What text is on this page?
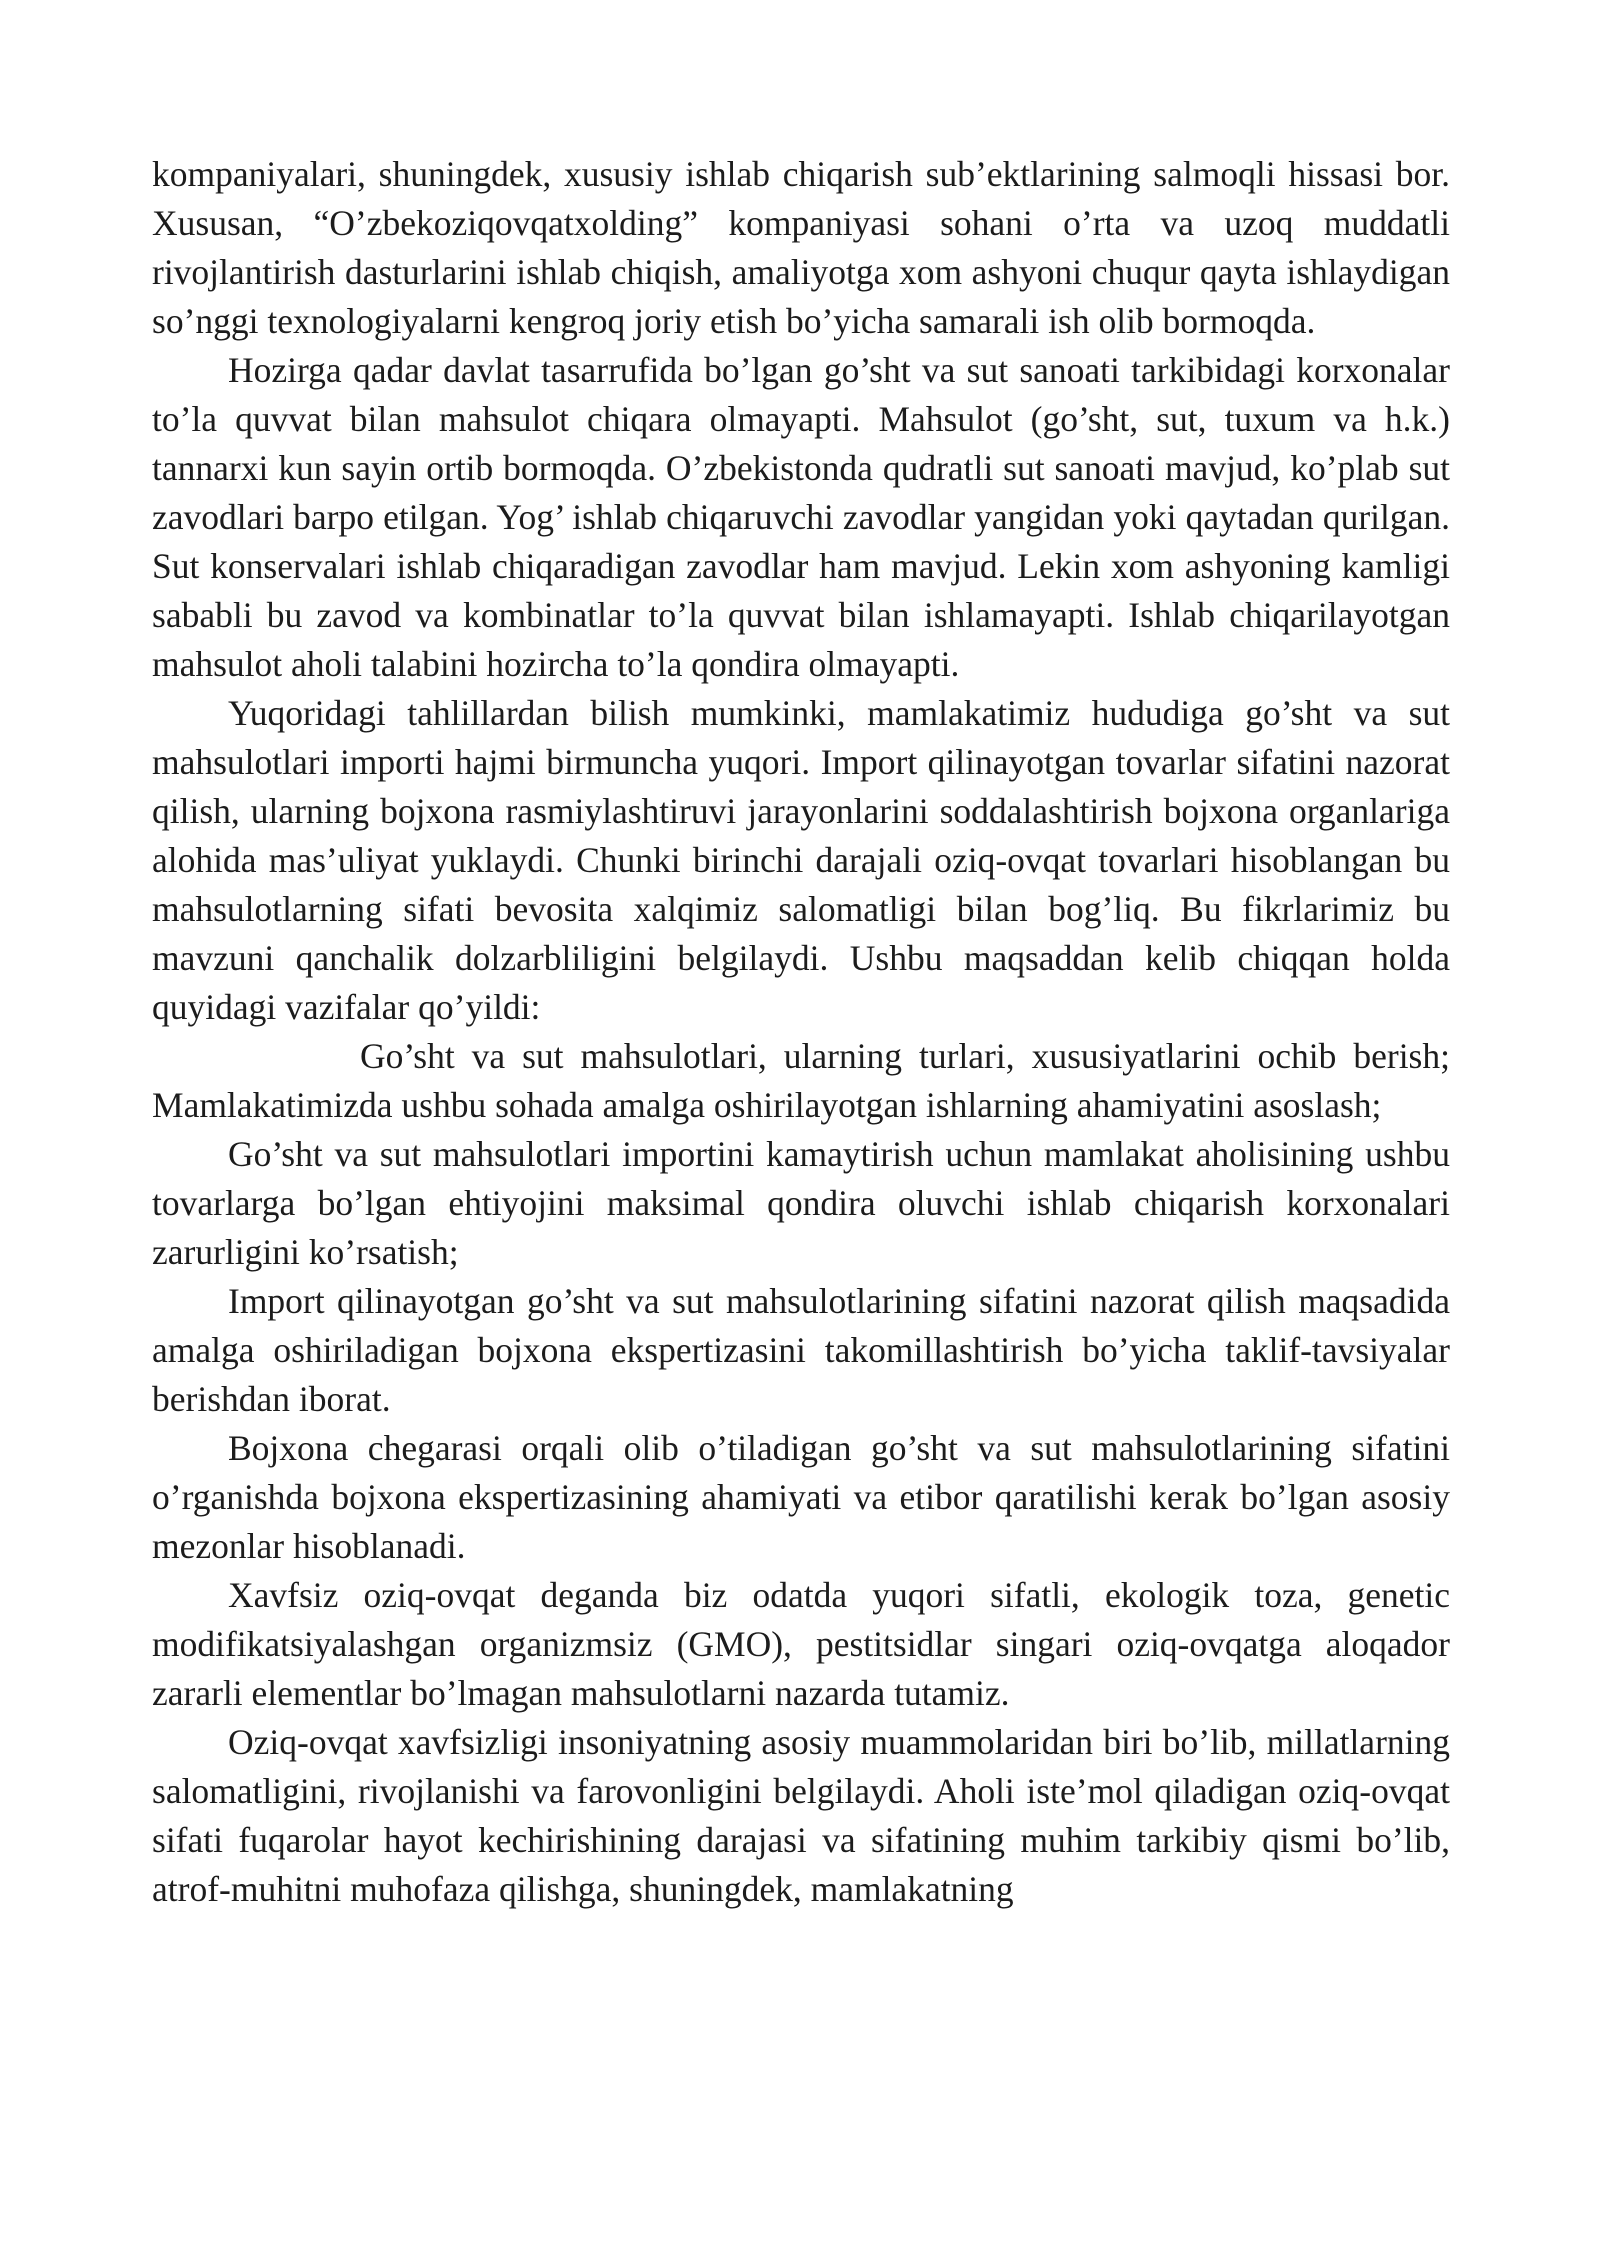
kompaniyalari, shuningdek, xususiy ishlab chiqarish sub’ektlarining salmoqli hissasi bor. Xususan, “O’zbekoziqovqatxolding” kompaniyasi sohani o’rta va uzoq muddatli rivojlantirish dasturlarini ishlab chiqish, amaliyotga xom ashyoni chuqur qayta ishlaydigan so’nggi texnologiyalarni kengroq joriy etish bo’yicha samarali ish olib bormoqda.

Hozirga qadar davlat tasarrufida bo’lgan go’sht va sut sanoati tarkibidagi korxonalar to’la quvvat bilan mahsulot chiqara olmayapti. Mahsulot (go’sht, sut, tuxum va h.k.) tannarxi kun sayin ortib bormoqda. O’zbekistonda qudratli sut sanoati mavjud, ko’plab sut zavodlari barpo etilgan. Yog’ ishlab chiqaruvchi zavodlar yangidan yoki qaytadan qurilgan. Sut konservalari ishlab chiqaradigan zavodlar ham mavjud. Lekin xom ashyoning kamligi sababli bu zavod va kombinatlar to’la quvvat bilan ishlamayapti. Ishlab chiqarilayotgan mahsulot aholi talabini hozircha to’la qondira olmayapti.

Yuqoridagi tahlillardan bilish mumkinki, mamlakatimiz hududiga go’sht va sut mahsulotlari importi hajmi birmuncha yuqori. Import qilinayotgan tovarlar sifatini nazorat qilish, ularning bojxona rasmiylashtiruvi jarayonlarini soddalashtirish bojxona organlariga alohida mas’uliyat yuklaydi. Chunki birinchi darajali oziq-ovqat tovarlari hisoblangan bu mahsulotlarning sifati bevosita xalqimiz salomatligi bilan bog’liq. Bu fikrlarimiz bu mavzuni qanchalik dolzarbliligini belgilaydi. Ushbu maqsaddan kelib chiqqan holda quyidagi vazifalar qo’yildi:

Go’sht va sut mahsulotlari, ularning turlari, xususiyatlarini ochib berish; Mamlakatimizda ushbu sohada amalga oshirilayotgan ishlarning ahamiyatini asoslash;

Go’sht va sut mahsulotlari importini kamaytirish uchun mamlakat aholisining ushbu tovarlarga bo’lgan ehtiyojini maksimal qondira oluvchi ishlab chiqarish korxonalari zarurligini ko’rsatish;

Import qilinayotgan go’sht va sut mahsulotlarining sifatini nazorat qilish maqsadida amalga oshiriladigan bojxona ekspertizasini takomillashtirish bo’yicha taklif-tavsiyalar berishdan iborat.

Bojxona chegarasi orqali olib o’tiladigan go’sht va sut mahsulotlarining sifatini o’rganishda bojxona ekspertizasining ahamiyati va etibor qaratilishi kerak bo’lgan asosiy mezonlar hisoblanadi.

Xavfsiz oziq-ovqat deganda biz odatda yuqori sifatli, ekologik toza, genetic modifikatsiyalashgan organizmsiz (GMO), pestitsidlar singari oziq-ovqatga aloqador zararli elementlar bo’lmagan mahsulotlarni nazarda tutamiz.

Oziq-ovqat xavfsizligi insoniyatning asosiy muammolaridan biri bo’lib, millatlarning salomatligini, rivojlanishi va farovonligini belgilaydi. Aholi iste’mol qiladigan oziq-ovqat sifati fuqarolar hayot kechirishining darajasi va sifatining muhim tarkibiy qismi bo’lib, atrof-muhitni muhofaza qilishga, shuningdek, mamlakatning
